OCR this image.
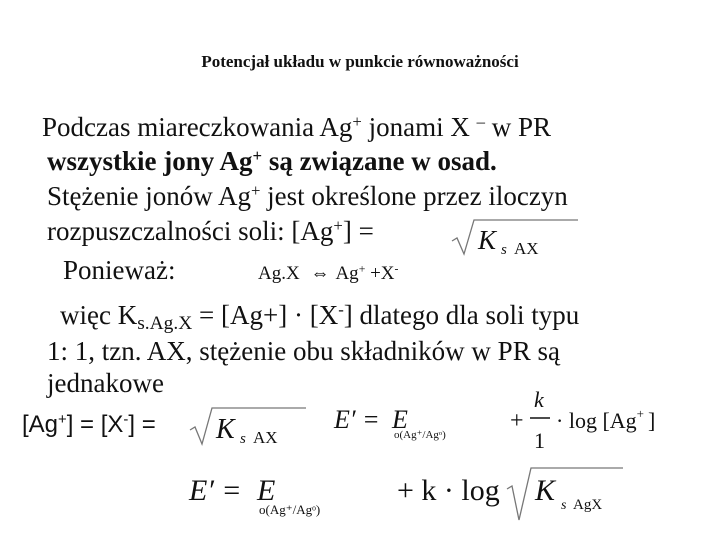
Potencjał układu w punkcie równoważności
Podczas miareczkowania Ag+ jonami X – w PR
wszystkie jony Ag+ są związane w osad.
Stężenie jonów Ag+ jest określone przez iloczyn
rozpuszczalności soli: [Ag+] =	K s AX
Ponieważ:	Ag.X ⇔ Ag+ +X-
więc $K_{s.Ag.X} = [Ag+] \cdot [X^-]$ dlatego dla soli typu
1: 1, tzn. AX, stężenie obu składników w PR są
jednakowe
[Ag+] = [X-] = K s AX
E′ = E
o(Ag⁺/Agᵒ)
+
k
1
· log [Ag+ ]
E′ = E
o(Ag⁺/Agᵒ)
+ k · log K s AgX
